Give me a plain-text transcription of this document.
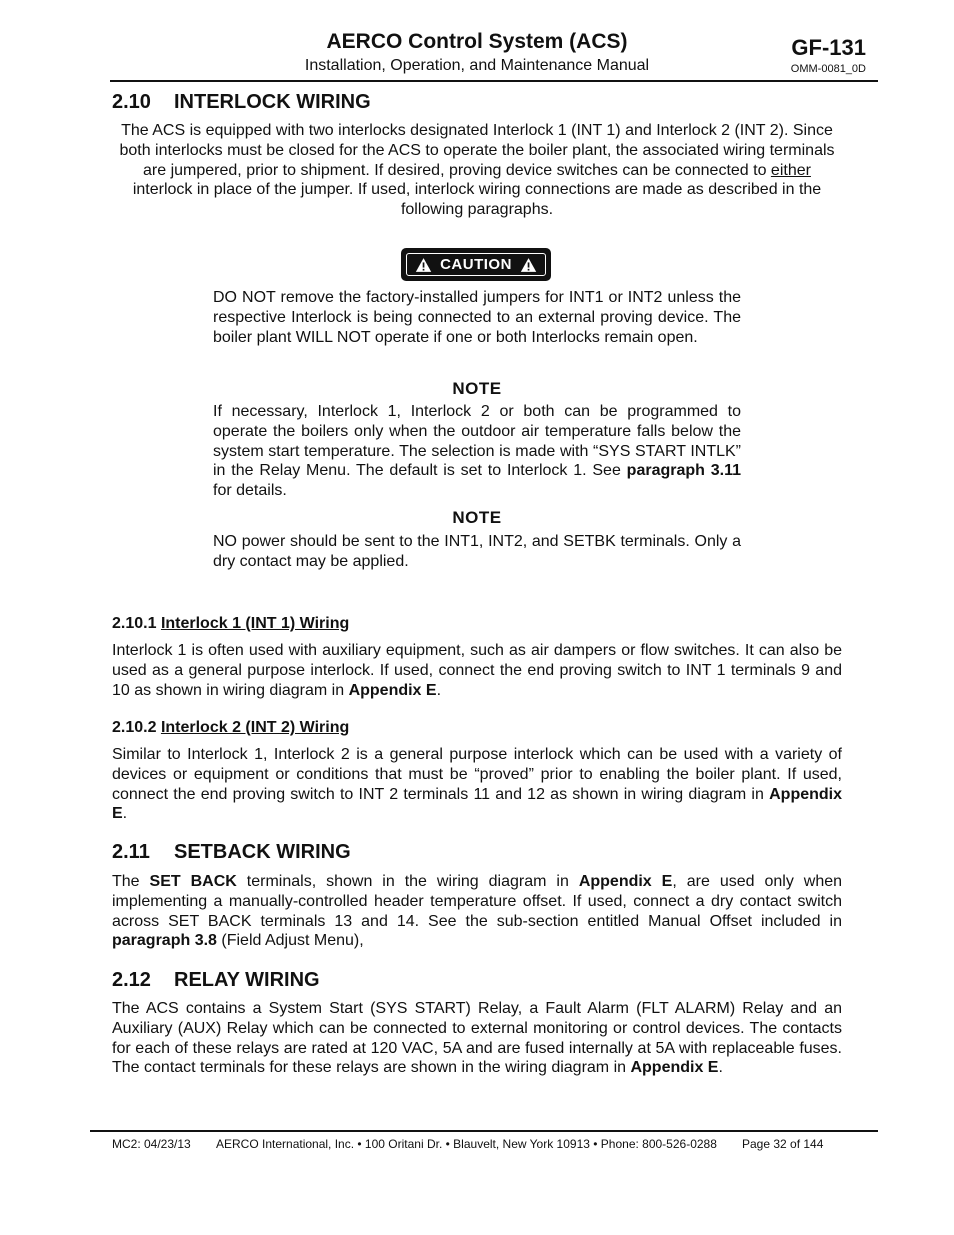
AERCO Control System (ACS)
Installation, Operation, and Maintenance Manual
GF-131
OMM-0081_0D
2.10 INTERLOCK WIRING

The ACS is equipped with two interlocks designated Interlock 1 (INT 1) and Interlock 2 (INT 2). Since both interlocks must be closed for the ACS to operate the boiler plant, the associated wiring terminals are jumpered, prior to shipment. If desired, proving device switches can be connected to either interlock in place of the jumper. If used, interlock wiring connections are made as described in the following paragraphs.

CAUTION

DO NOT remove the factory-installed jumpers for INT1 or INT2 unless the respective Interlock is being connected to an external proving device. The boiler plant WILL NOT operate if one or both Interlocks remain open.

NOTE

If necessary, Interlock 1, Interlock 2 or both can be programmed to operate the boilers only when the outdoor air temperature falls below the system start temperature. The selection is made with “SYS START INTLK” in the Relay Menu. The default is set to Interlock 1. See paragraph 3.11 for details.

NOTE

NO power should be sent to the INT1, INT2, and SETBK terminals. Only a dry contact may be applied.

2.10.1 Interlock 1 (INT 1) Wiring

Interlock 1 is often used with auxiliary equipment, such as air dampers or flow switches. It can also be used as a general purpose interlock. If used, connect the end proving switch to INT 1 terminals 9 and 10 as shown in wiring diagram in Appendix E.

2.10.2 Interlock 2 (INT 2) Wiring

Similar to Interlock 1, Interlock 2 is a general purpose interlock which can be used with a variety of devices or equipment or conditions that must be “proved” prior to enabling the boiler plant. If used, connect the end proving switch to INT 2 terminals 11 and 12 as shown in wiring diagram in Appendix E.

2.11 SETBACK WIRING

The SET BACK terminals, shown in the wiring diagram in Appendix E, are used only when implementing a manually-controlled header temperature offset. If used, connect a dry contact switch across SET BACK terminals 13 and 14. See the sub-section entitled Manual Offset included in paragraph 3.8 (Field Adjust Menu),

2.12 RELAY WIRING

The ACS contains a System Start (SYS START) Relay, a Fault Alarm (FLT ALARM) Relay and an Auxiliary (AUX) Relay which can be connected to external monitoring or control devices. The contacts for each of these relays are rated at 120 VAC, 5A and are fused internally at 5A with replaceable fuses. The contact terminals for these relays are shown in the wiring diagram in Appendix E.

MC2: 04/23/13 AERCO International, Inc. • 100 Oritani Dr. • Blauvelt, New York 10913 • Phone: 800-526-0288 Page 32 of 144
